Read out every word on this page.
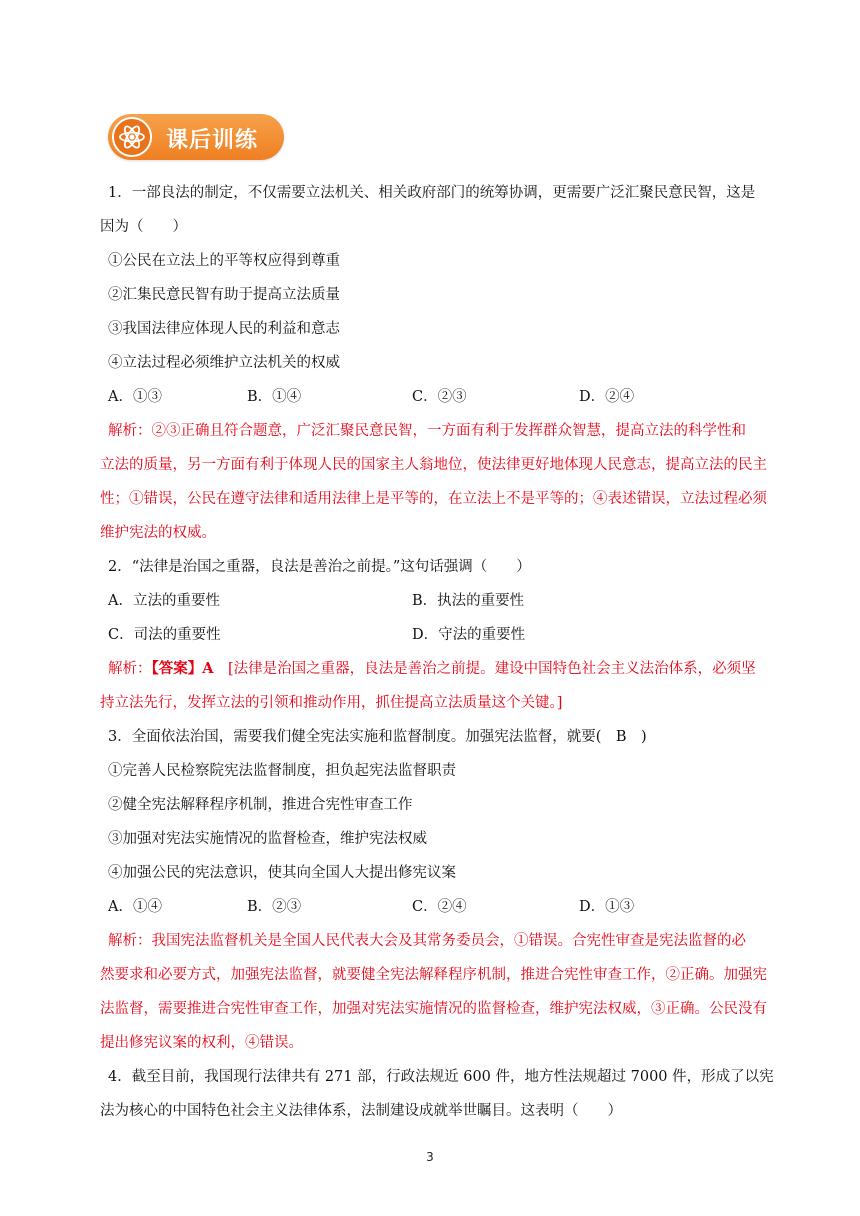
课后训练
1．一部良法的制定，不仅需要立法机关、相关政府部门的统筹协调，更需要广泛汇聚民意民智，这是
因为（　　）
①公民在立法上的平等权应得到尊重
②汇集民意民智有助于提高立法质量
③我国法律应体现人民的利益和意志
④立法过程必须维护立法机关的权威
A．①③	B．①④	C．②③	D．②④
解析：②③正确且符合题意，广泛汇聚民意民智，一方面有利于发挥群众智慧，提高立法的科学性和
立法的质量，另一方面有利于体现人民的国家主人翁地位，使法律更好地体现人民意志，提高立法的民主
性；①错误，公民在遵守法律和适用法律上是平等的，在立法上不是平等的；④表述错误，立法过程必须
维护宪法的权威。
2．“法律是治国之重器，良法是善治之前提。”这句话强调（　　）
A．立法的重要性	B．执法的重要性
C．司法的重要性	D．守法的重要性
解析：【答案】A　[法律是治国之重器，良法是善治之前提。建设中国特色社会主义法治体系，必须坚
持立法先行，发挥立法的引领和推动作用，抓住提高立法质量这个关键。]
3．全面依法治国，需要我们健全宪法实施和监督制度。加强宪法监督，就要(　B　)
①完善人民检察院宪法监督制度，担负起宪法监督职责
②健全宪法解释程序机制，推进合宪性审查工作
③加强对宪法实施情况的监督检查，维护宪法权威
④加强公民的宪法意识，使其向全国人大提出修宪议案
A．①④	B．②③	C．②④	D．①③
解析：我国宪法监督机关是全国人民代表大会及其常务委员会，①错误。合宪性审查是宪法监督的必
然要求和必要方式，加强宪法监督，就要健全宪法解释程序机制，推进合宪性审查工作，②正确。加强宪
法监督，需要推进合宪性审查工作，加强对宪法实施情况的监督检查，维护宪法权威，③正确。公民没有
提出修宪议案的权利，④错误。
4．截至目前，我国现行法律共有 271 部，行政法规近 600 件，地方性法规超过 7000 件，形成了以宪
法为核心的中国特色社会主义法律体系，法制建设成就举世瞩目。这表明（　　）
3
